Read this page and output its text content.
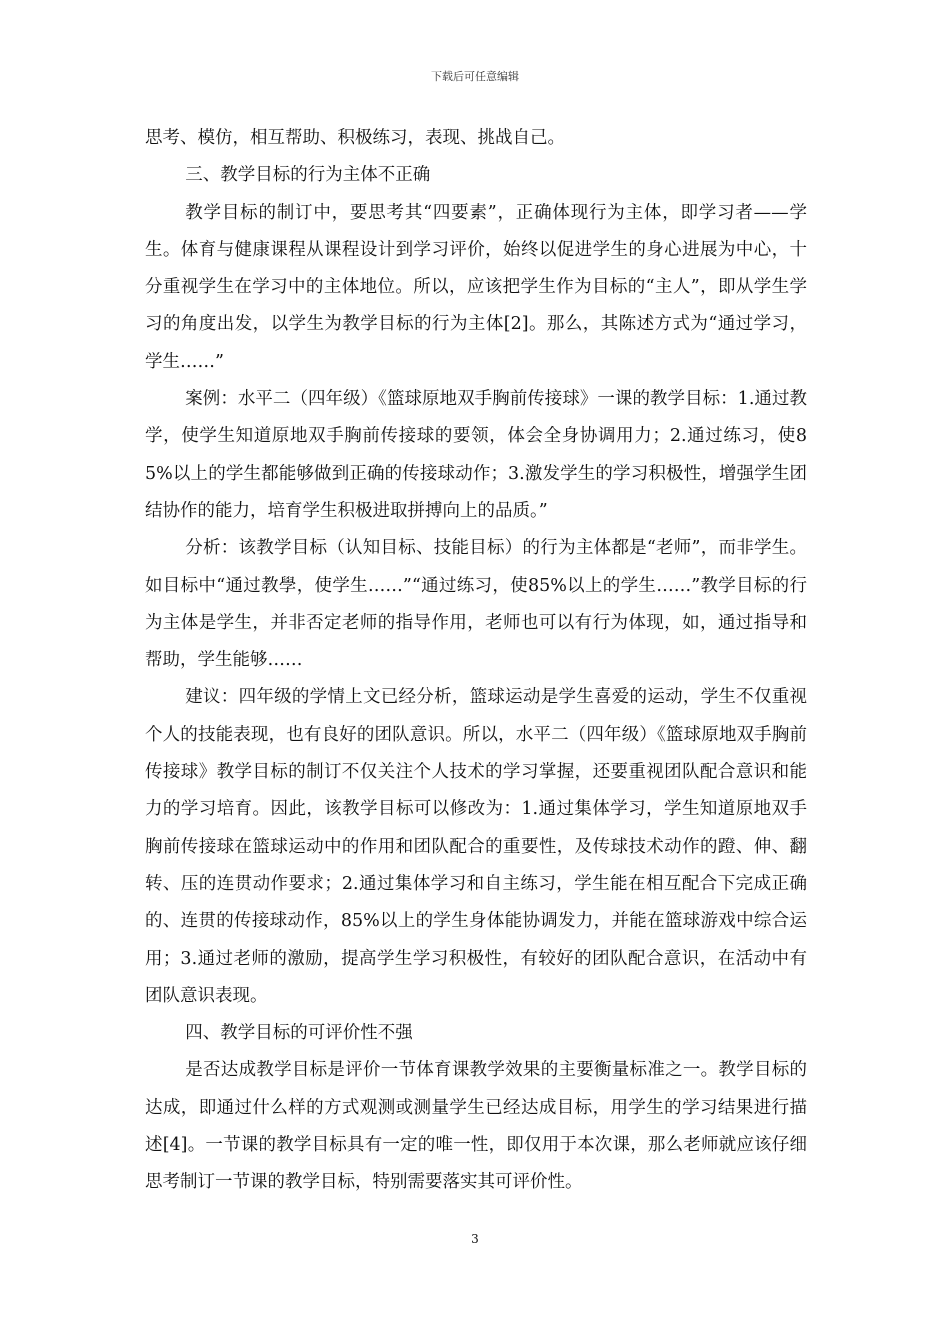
下载后可任意编辑

思考、模仿，相互帮助、积极练习，表现、挑战自己。

三、教学目标的行为主体不正确

教学目标的制订中，要思考其“四要素”，正确体现行为主体，即学习者——学生。体育与健康课程从课程设计到学习评价，始终以促进学生的身心进展为中心，十分重视学生在学习中的主体地位。所以，应该把学生作为目标的“主人”，即从学生学习的角度出发，以学生为教学目标的行为主体[2]。那么，其陈述方式为“通过学习，学生……”

案例：水平二（四年级）《篮球原地双手胸前传接球》一课的教学目标：1.通过教学，使学生知道原地双手胸前传接球的要领，体会全身协调用力；2.通过练习，使85%以上的学生都能够做到正确的传接球动作；3.激发学生的学习积极性，增强学生团结协作的能力，培育学生积极进取拼搏向上的品质。”

分析：该教学目标（认知目标、技能目标）的行为主体都是“老师”，而非学生。如目标中“通过教學，使学生……”“通过练习，使85%以上的学生……”教学目标的行为主体是学生，并非否定老师的指导作用，老师也可以有行为体现，如，通过指导和帮助，学生能够……

建议：四年级的学情上文已经分析，篮球运动是学生喜爱的运动，学生不仅重视个人的技能表现，也有良好的团队意识。所以，水平二（四年级）《篮球原地双手胸前传接球》教学目标的制订不仅关注个人技术的学习掌握，还要重视团队配合意识和能力的学习培育。因此，该教学目标可以修改为：1.通过集体学习，学生知道原地双手胸前传接球在篮球运动中的作用和团队配合的重要性，及传球技术动作的蹬、伸、翻转、压的连贯动作要求；2.通过集体学习和自主练习，学生能在相互配合下完成正确的、连贯的传接球动作，85%以上的学生身体能协调发力，并能在篮球游戏中综合运用；3.通过老师的激励，提高学生学习积极性，有较好的团队配合意识，在活动中有团队意识表现。

四、教学目标的可评价性不强

是否达成教学目标是评价一节体育课教学效果的主要衡量标准之一。教学目标的达成，即通过什么样的方式观测或测量学生已经达成目标，用学生的学习结果进行描述[4]。一节课的教学目标具有一定的唯一性，即仅用于本次课，那么老师就应该仔细思考制订一节课的教学目标，特别需要落实其可评价性。

3
